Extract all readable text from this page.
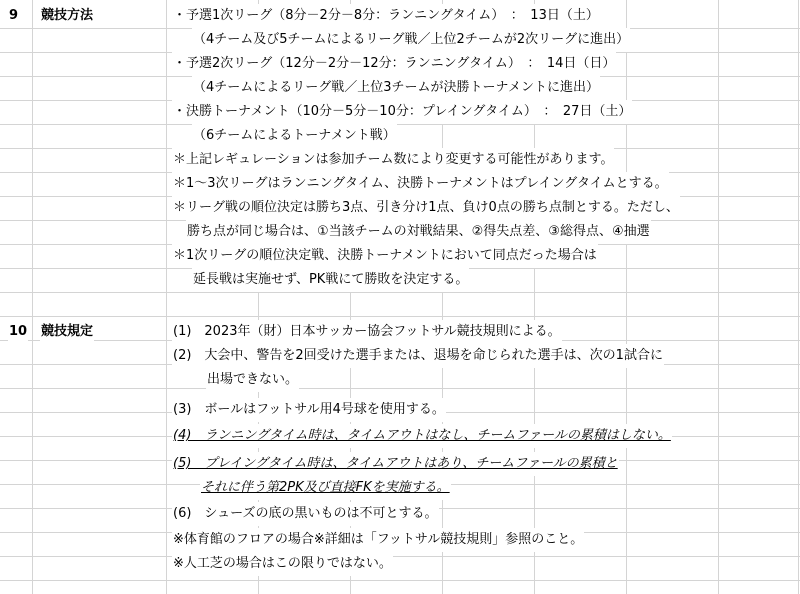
9 競技方法	・予選1次リーグ（8分－2分－8分：ランニングタイム）　：　13日（土）
（4チーム及び5チームによるリーグ戦／上位2チームが2次リーグに進出）
・予選2次リーグ（12分－2分－12分：ランニングタイム）　：　14日（日）
（4チームによるリーグ戦／上位3チームが決勝トーナメントに進出）
・決勝トーナメント（10分－5分－10分：プレイングタイム）　：　27日（土）
（6チームによるトーナメント戦）
＊上記レギュレーションは参加チーム数により変更する可能性があります。
＊1～3次リーグはランニングタイム、決勝トーナメントはプレイングタイムとする。
＊リーグ戦の順位決定は勝ち3点、引き分け1点、負け0点の勝ち点制とする。ただし、
勝ち点が同じ場合は、①当該チームの対戦結果、②得失点差、③総得点、④抽選
＊1次リーグの順位決定戦、決勝トーナメントにおいて同点だった場合は
延長戦は実施せず、PK戦にて勝敗を決定する。
10 競技規定	(1)　2023年（財）日本サッカー協会フットサル競技規則による。
(2)　大会中、警告を2回受けた選手または、退場を命じられた選手は、次の1試合に
出場できない。
(3)　ボールはフットサル用4号球を使用する。
(4)　ランニングタイム時は、タイムアウトはなし、チームファールの累積はしない。
(5)　プレイングタイム時は、タイムアウトはあり、チームファールの累積と
それに伴う第2PK及び直接FKを実施する。
(6)　シューズの底の黒いものは不可とする。
※体育館のフロアの場合※詳細は「フットサル競技規則」参照のこと。
※人工芝の場合はこの限りではない。
